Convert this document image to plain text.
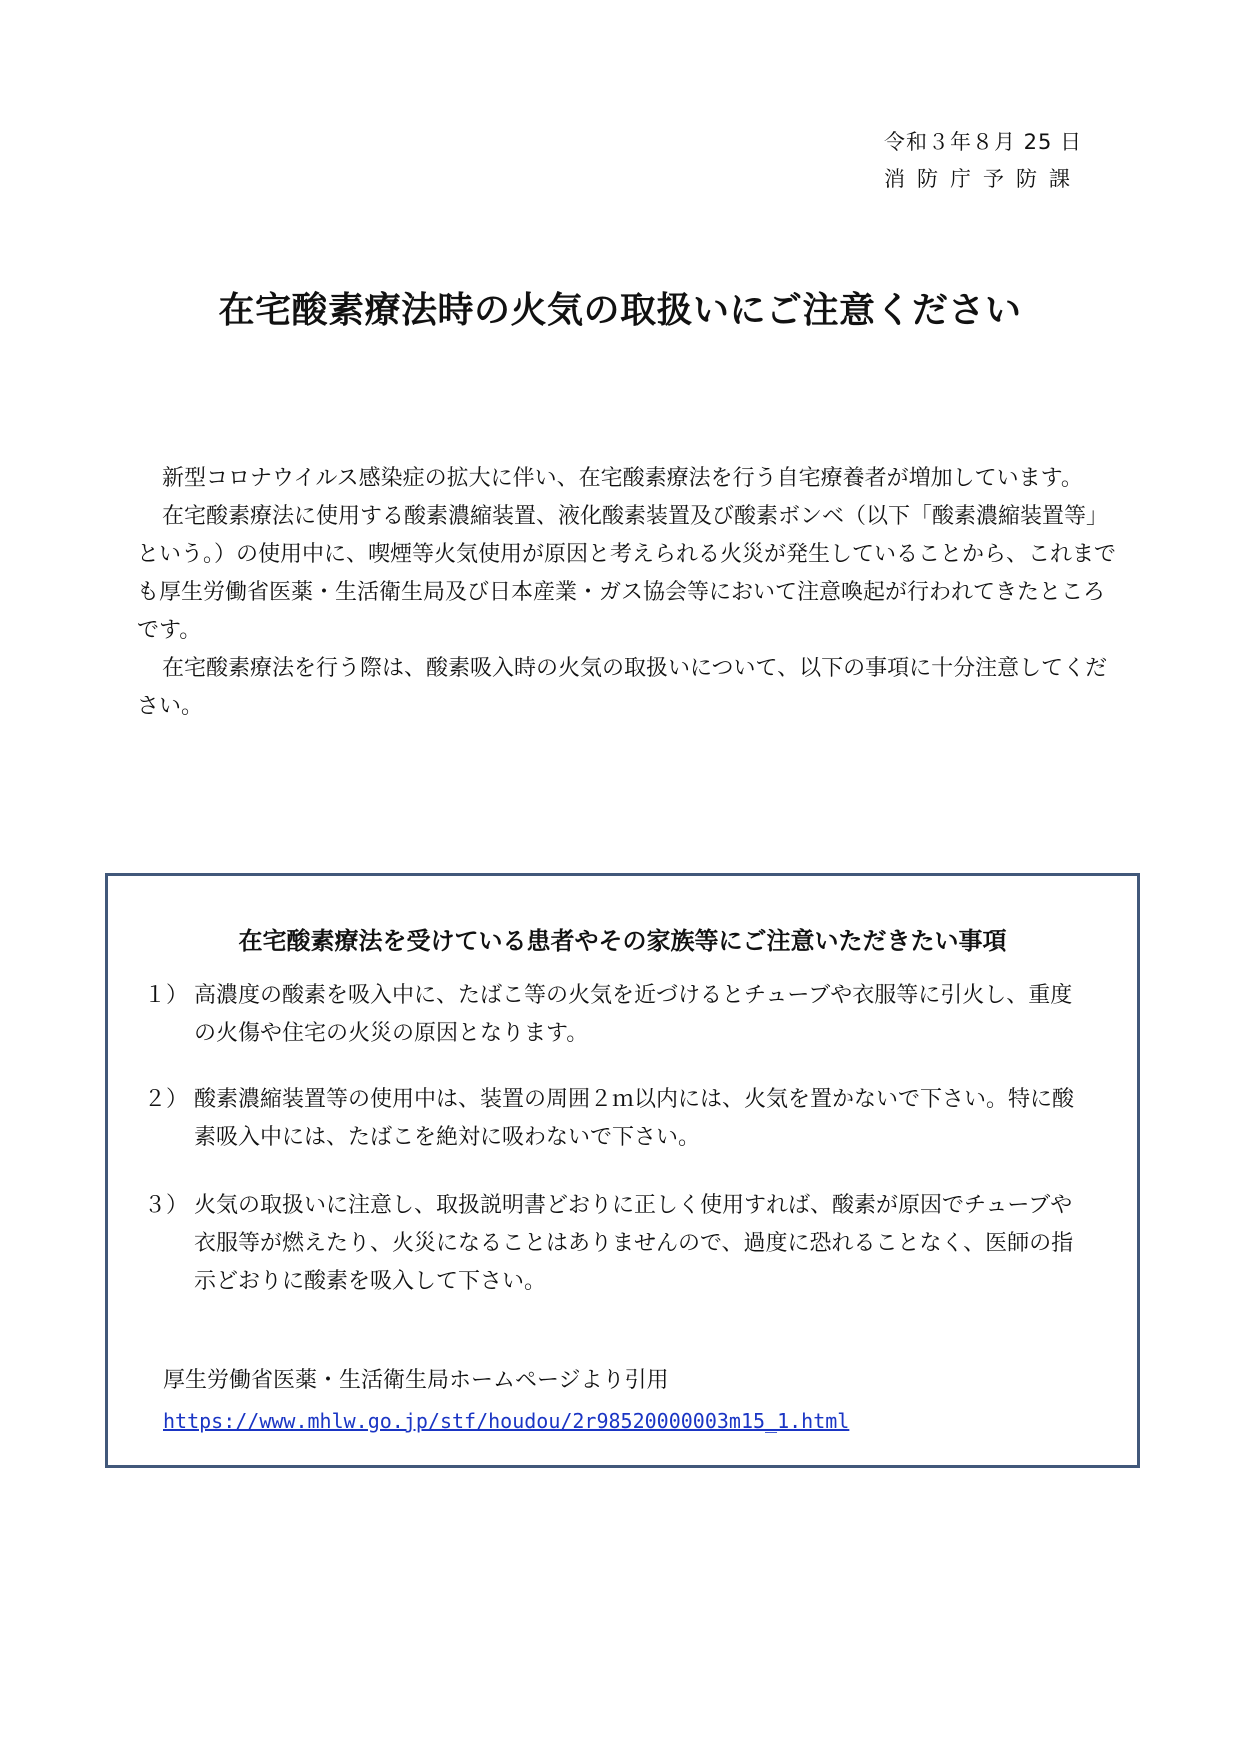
令和３年８月 25 日
消防庁予防課
在宅酸素療法時の火気の取扱いにご注意ください

新型コロナウイルス感染症の拡大に伴い、在宅酸素療法を行う自宅療養者が増加しています。

在宅酸素療法に使用する酸素濃縮装置、液化酸素装置及び酸素ボンベ（以下「酸素濃縮装置等」という。）の使用中に、喫煙等火気使用が原因と考えられる火災が発生していることから、これまでも厚生労働省医薬・生活衛生局及び日本産業・ガス協会等において注意喚起が行われてきたところです。

在宅酸素療法を行う際は、酸素吸入時の火気の取扱いについて、以下の事項に十分注意してください。

在宅酸素療法を受けている患者やその家族等にご注意いただきたい事項
１） 高濃度の酸素を吸入中に、たばこ等の火気を近づけるとチューブや衣服等に引火し、重度の火傷や住宅の火災の原因となります。
２） 酸素濃縮装置等の使用中は、装置の周囲２ｍ以内には、火気を置かないで下さい。特に酸素吸入中には、たばこを絶対に吸わないで下さい。
３） 火気の取扱いに注意し、取扱説明書どおりに正しく使用すれば、酸素が原因でチューブや衣服等が燃えたり、火災になることはありませんので、過度に恐れることなく、医師の指示どおりに酸素を吸入して下さい。
厚生労働省医薬・生活衛生局ホームページより引用
https://www.mhlw.go.jp/stf/houdou/2r98520000003m15_1.html
